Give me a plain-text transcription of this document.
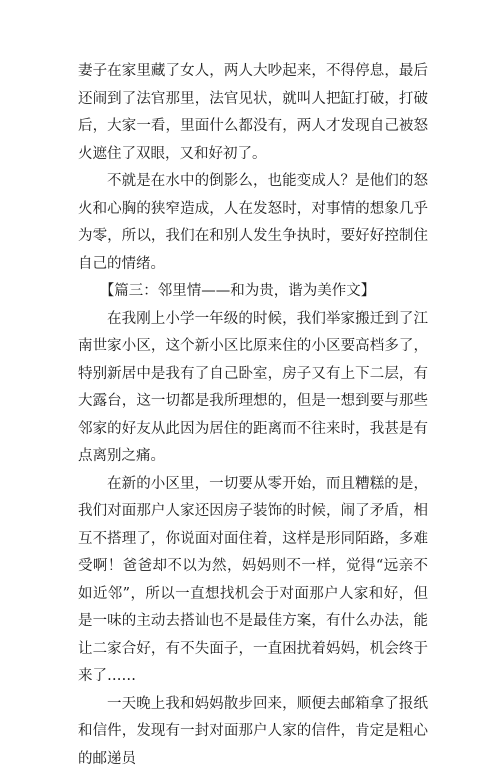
妻子在家里藏了女人，两人大吵起来，不得停息，最后还闹到了法官那里，法官见状，就叫人把缸打破，打破后，大家一看，里面什么都没有，两人才发现自己被怒火遮住了双眼，又和好初了。

不就是在水中的倒影么，也能变成人？是他们的怒火和心胸的狭窄造成，人在发怒时，对事情的想象几乎为零，所以，我们在和别人发生争执时，要好好控制住自己的情绪。

【篇三：邻里情——和为贵，谐为美作文】

在我刚上小学一年级的时候，我们举家搬迁到了江南世家小区，这个新小区比原来住的小区要高档多了，特别新居中是我有了自己卧室，房子又有上下二层，有大露台，这一切都是我所理想的，但是一想到要与那些邻家的好友从此因为居住的距离而不往来时，我甚是有点离别之痛。

在新的小区里，一切要从零开始，而且糟糕的是，我们对面那户人家还因房子装饰的时候，闹了矛盾，相互不搭理了，你说面对面住着，这样是形同陌路，多难受啊！爸爸却不以为然，妈妈则不一样，觉得“远亲不如近邻”，所以一直想找机会于对面那户人家和好，但是一味的主动去搭讪也不是最佳方案，有什么办法，能让二家合好，有不失面子，一直困扰着妈妈，机会终于来了……

一天晚上我和妈妈散步回来，顺便去邮箱拿了报纸和信件，发现有一封对面那户人家的信件，肯定是粗心的邮递员
